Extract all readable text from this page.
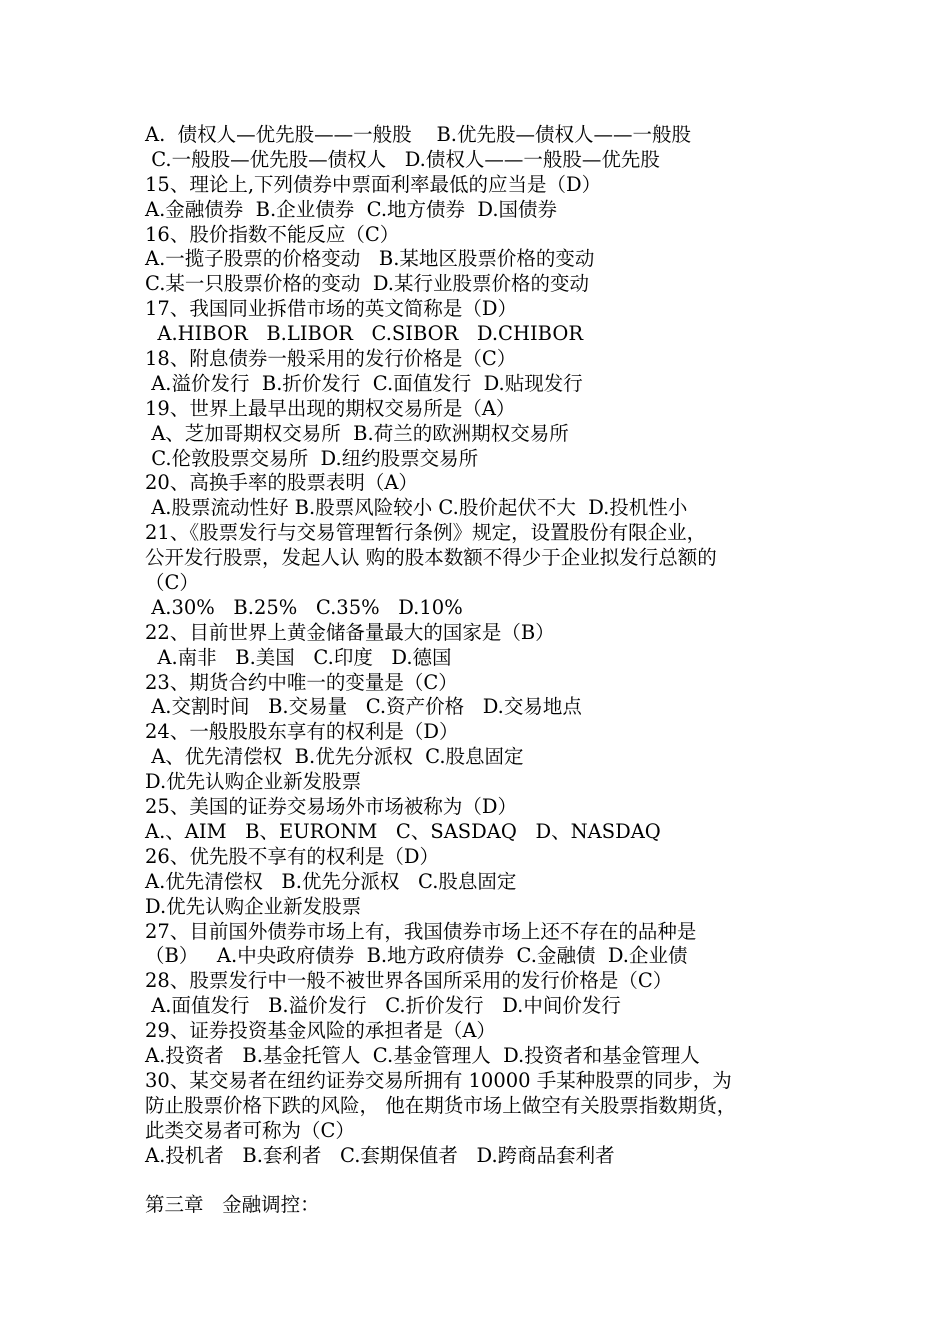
A.  债权人—优先股——一般股    B.优先股—债权人——一般股
C.一般股—优先股—债权人   D.债权人——一般股—优先股
15、理论上,下列债券中票面利率最低的应当是（D）
A.金融债券  B.企业债券  C.地方债券  D.国债券
16、股价指数不能反应（C）
A.一揽子股票的价格变动   B.某地区股票价格的变动
C.某一只股票价格的变动  D.某行业股票价格的变动
17、我国同业拆借市场的英文简称是（D）
A.HIBOR   B.LIBOR   C.SIBOR   D.CHIBOR
18、附息债券一般采用的发行价格是（C）
A.溢价发行  B.折价发行  C.面值发行  D.贴现发行
19、世界上最早出现的期权交易所是（A）
A、芝加哥期权交易所  B.荷兰的欧洲期权交易所
C.伦敦股票交易所  D.纽约股票交易所
20、高换手率的股票表明（A）
A.股票流动性好 B.股票风险较小 C.股价起伏不大  D.投机性小
21、《股票发行与交易管理暂行条例》规定，设置股份有限企业，
公开发行股票，发起人认 购的股本数额不得少于企业拟发行总额的
（C）
A.30%   B.25%   C.35%   D.10%
22、目前世界上黄金储备量最大的国家是（B）
A.南非   B.美国   C.印度   D.德国
23、期货合约中唯一的变量是（C）
A.交割时间   B.交易量   C.资产价格   D.交易地点
24、一般股股东享有的权利是（D）
A、优先清偿权  B.优先分派权  C.股息固定
D.优先认购企业新发股票
25、美国的证券交易场外市场被称为（D）
A.、AIM   B、EURONM   C、SASDAQ   D、NASDAQ
26、优先股不享有的权利是（D）
A.优先清偿权   B.优先分派权   C.股息固定
D.优先认购企业新发股票
27、目前国外债券市场上有，我国债券市场上还不存在的品种是
（B）   A.中央政府债券  B.地方政府债券  C.金融债  D.企业债
28、股票发行中一般不被世界各国所采用的发行价格是（C）
A.面值发行   B.溢价发行   C.折价发行   D.中间价发行
29、证券投资基金风险的承担者是（A）
A.投资者   B.基金托管人  C.基金管理人  D.投资者和基金管理人
30、某交易者在纽约证券交易所拥有 10000 手某种股票的同步，为
防止股票价格下跌的风险， 他在期货市场上做空有关股票指数期货，
此类交易者可称为（C）
A.投机者   B.套利者   C.套期保值者   D.跨商品套利者
第三章   金融调控：
